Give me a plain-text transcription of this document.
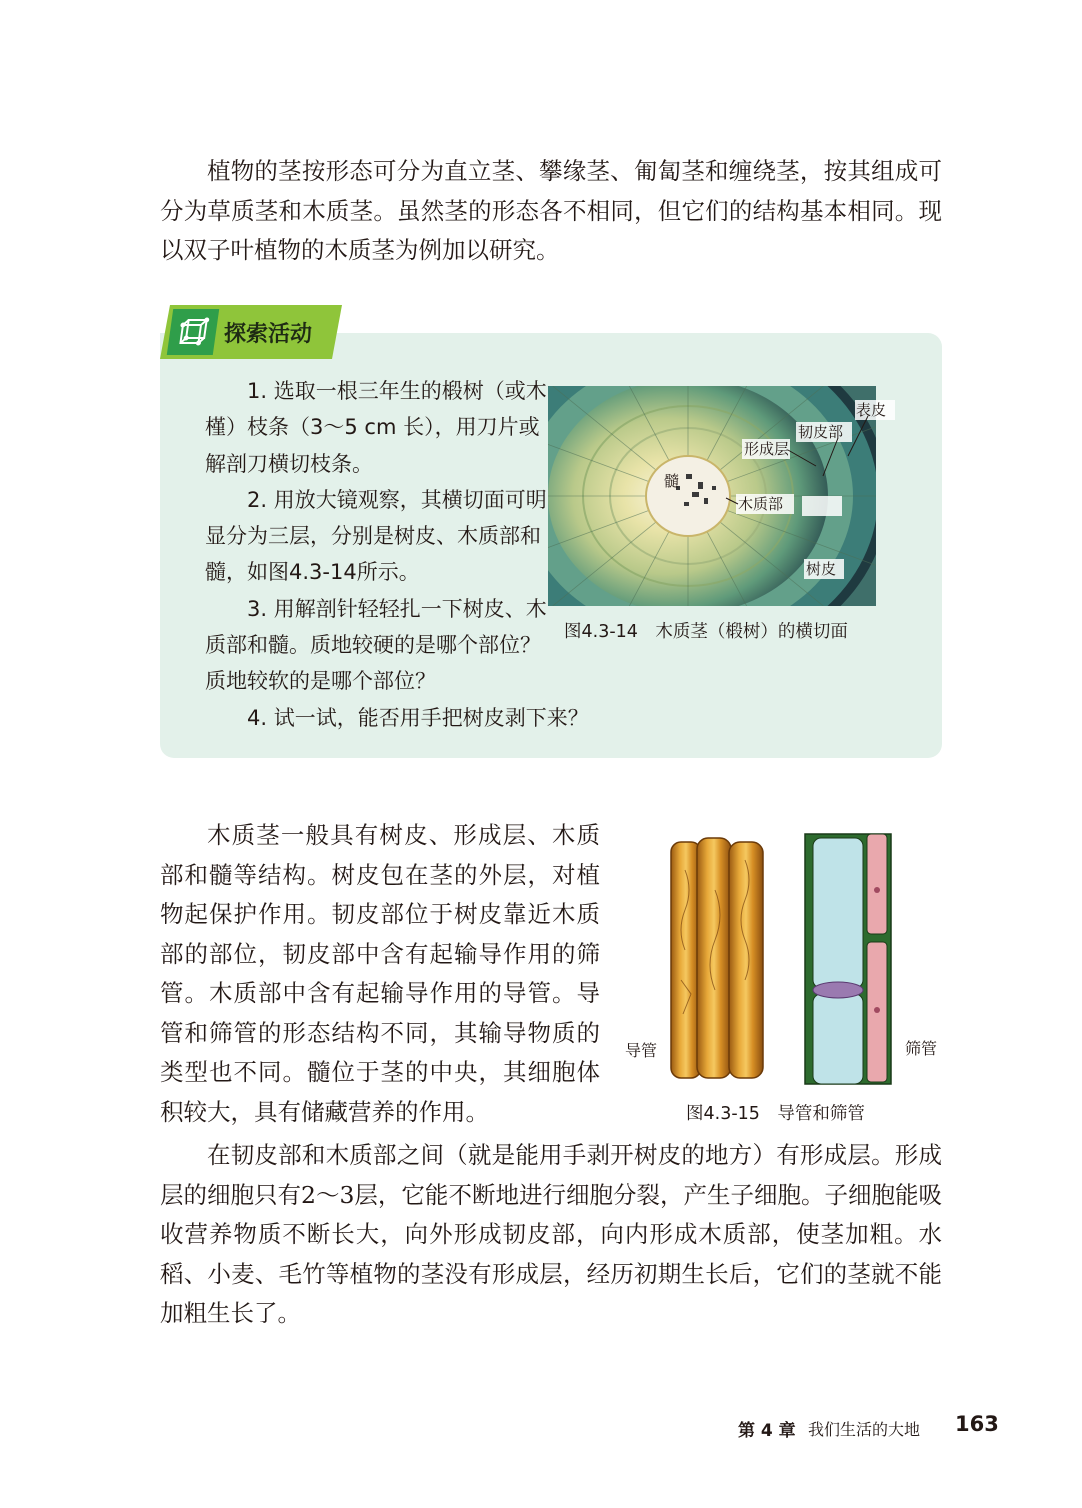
植物的茎按形态可分为直立茎、攀缘茎、匍匐茎和缠绕茎，按其组成可分为草质茎和木质茎。虽然茎的形态各不相同，但它们的结构基本相同。现以双子叶植物的木质茎为例加以研究。

探索活动

1. 选取一根三年生的椴树（或木槿）枝条（3～5 cm 长），用刀片或解剖刀横切枝条。

2. 用放大镜观察，其横切面可明显分为三层，分别是树皮、木质部和髓，如图4.3-14所示。

3. 用解剖针轻轻扎一下树皮、木质部和髓。质地较硬的是哪个部位？质地较软的是哪个部位？

4. 试一试，能否用手把树皮剥下来？

表皮
韧皮部
形成层
髓
木质部
树皮
图4.3-14　木质茎（椴树）的横切面

木质茎一般具有树皮、形成层、木质部和髓等结构。树皮包在茎的外层，对植物起保护作用。韧皮部位于树皮靠近木质部的部位，韧皮部中含有起输导作用的筛管。木质部中含有起输导作用的导管。导管和筛管的形态结构不同，其输导物质的类型也不同。髓位于茎的中央，其细胞体积较大，具有储藏营养的作用。	图4.3-15　导管和筛管
导管	筛管

在韧皮部和木质部之间（就是能用手剥开树皮的地方）有形成层。形成层的细胞只有2～3层，它能不断地进行细胞分裂，产生子细胞。子细胞能吸收营养物质不断长大，向外形成韧皮部，向内形成木质部，使茎加粗。水稻、小麦、毛竹等植物的茎没有形成层，经历初期生长后，它们的茎就不能加粗生长了。

第 4 章 我们生活的大地 163
